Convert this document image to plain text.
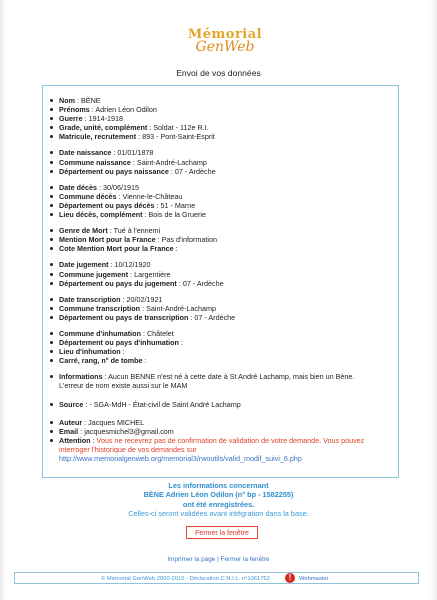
Mémorial
GenWeb
Envoi de vos données
Nom : BÈNE
Prénoms : Adrien Léon Odilon
Guerre : 1914-1918
Grade, unité, complément : Soldat - 112e R.I.
Matricule, recrutement : 893 - Pont-Saint-Esprit
Date naissance : 01/01/1878
Commune naissance : Saint-André-Lachamp
Département ou pays naissance : 07 - Ardèche
Date décès : 30/06/1915
Commune décès : Vienne-le-Château
Département ou pays décès : 51 - Marne
Lieu décès, complément : Bois de la Gruerie
Genre de Mort : Tué à l'ennemi
Mention Mort pour la France : Pas d'information
Cote Mention Mort pour la France :
Date jugement : 10/12/1920
Commune jugement : Largentière
Département ou pays du jugement : 07 - Ardèche
Date transcription : 20/02/1921
Commune transcription : Saint-André-Lachamp
Département ou pays de transcription : 07 - Ardèche
Commune d'inhumation : Châtelet
Département ou pays d'inhumation :
Lieu d'inhumation :
Carré, rang, n° de tombe :
Informations : Aucun BENNE n'est né à cette date à St André Lachamp, mais bien un Bène.
L'erreur de nom existe aussi sur le MAM
Source : - SGA-MdH - État-civil de Saint André Lachamp
Auteur : Jacques MICHEL
Email : jacquesmichel3@gmail.com
Attention : Vous ne recevrez pas de confirmation de validation de votre demande. Vous pouvez interroger l'historique de vos demandes sur
http://www.memorialgenweb.org/memorial3/rwoutils/valid_modif_suivi_6.php
Les informations concernant
BÈNE Adrien Léon Odilon (n° bp - 1582255)
ont été enregistrées.
Celles-ci seront validées avant intégration dans la base.
Fermer la fenêtre
Imprimer la page | Fermer la fenêtre
© Mémorial GenWeb 2000-2015 - Déclaration C.N.I.L. n°1061752	!	Webmaster
